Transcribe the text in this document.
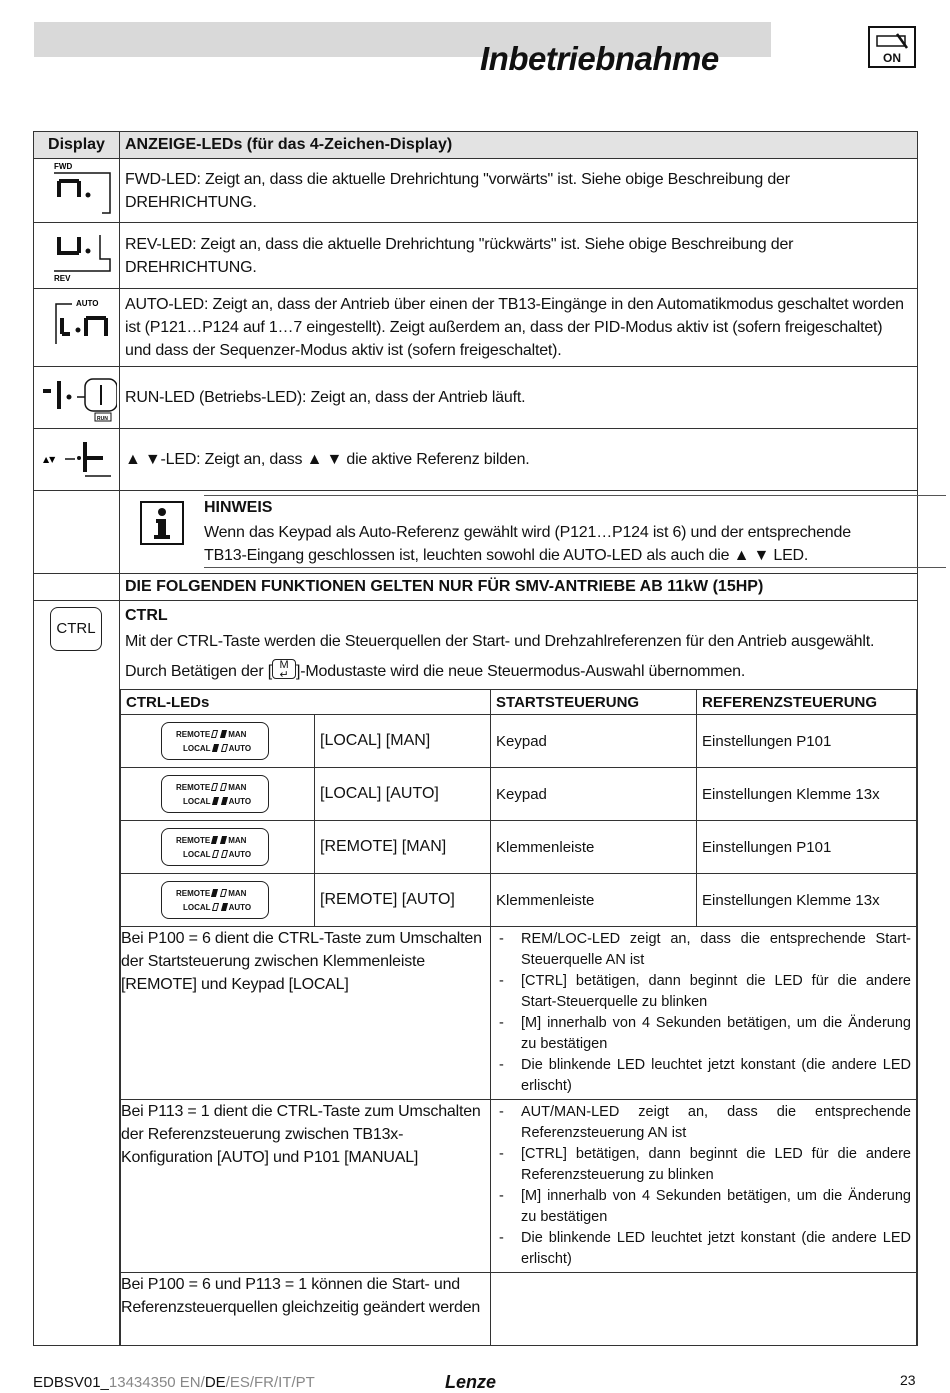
Inbetriebnahme	ON
Display	ANZEIGE-LEDs (für das 4-Zeichen-Display)

FWD
	FWD-LED: Zeigt an, dass die aktuelle Drehrichtung "vorwärts" ist. Siehe obige Beschreibung der DREHRICHTUNG.

REV
	REV-LED: Zeigt an, dass die aktuelle Drehrichtung "rückwärts" ist. Siehe obige Beschreibung der DREHRICHTUNG.

AUTO	AUTO-LED: Zeigt an, dass der Antrieb über einen der TB13-Eingänge in den Automatikmodus geschaltet worden ist (P121…P124 auf 1…7 eingestellt). Zeigt außerdem an, dass der PID-Modus aktiv ist (sofern freigeschaltet) und dass der Sequenzer-Modus aktiv ist (sofern freigeschaltet).

RUN
	RUN-LED (Betriebs-LED): Zeigt an, dass der Antrieb läuft.

▲▼	▲ ▼-LED: Zeigt an, dass ▲ ▼ die aktive Referenz bilden.

HINWEIS
Wenn das Keypad als Auto-Referenz gewählt wird (P121…P124 ist 6) und der entsprechende TB13-Eingang geschlossen ist, leuchten sowohl die AUTO-LED als auch die ▲ ▼ LED.

	DIE FOLGENDEN FUNKTIONEN GELTEN NUR FÜR SMV-ANTRIEBE AB 11kW (15HP)

CTRL

CTRL
Mit der CTRL-Taste werden die Steuerquellen der Start- und Drehzahlreferenzen für den Antrieb ausgewählt.
Durch Betätigen der [ M
↵ ]-Modustaste wird die neue Steuermodus-Auswahl übernommen.
CTRL-LEDs	STARTSTEUERUNG	REFERENZSTEUERUNG

REMOTE MAN
LOCAL AUTO	[LOCAL] [MAN]	Keypad	Einstellungen P101

REMOTE MAN
LOCAL AUTO	[LOCAL] [AUTO]	Keypad	Einstellungen Klemme 13x

REMOTE MAN
LOCAL AUTO	[REMOTE] [MAN]	Klemmenleiste	Einstellungen P101

REMOTE MAN
LOCAL AUTO	[REMOTE] [AUTO]	Klemmenleiste	Einstellungen Klemme 13x
Bei P100 = 6 dient die CTRL-Taste zum Umschalten der Startsteuerung zwischen Klemmenleiste [REMOTE] und Keypad [LOCAL]	
- REM/LOC-LED zeigt an, dass die entsprechende Start-Steuerquelle AN ist
- [CTRL] betätigen, dann beginnt die LED für die andere Start-Steuerquelle zu blinken
- [M] innerhalb von 4 Sekunden betätigen, um die Änderung zu bestätigen
- Die blinkende LED leuchtet jetzt konstant (die andere LED erlischt)

Bei P113 = 1 dient die CTRL-Taste zum Umschalten der Referenzsteuerung zwischen TB13x-Konfiguration [AUTO] und P101 [MANUAL]	
- AUT/MAN-LED zeigt an, dass die entsprechende Referenzsteuerung AN ist
- [CTRL] betätigen, dann beginnt die LED für die andere Referenzsteuerung zu blinken
- [M] innerhalb von 4 Sekunden betätigen, um die Änderung zu bestätigen
- Die blinkende LED leuchtet jetzt konstant (die andere LED erlischt)

Bei P100 = 6 und P113 = 1 können die Start- und Referenzsteuerquellen gleichzeitig geändert werden	
EDBSV01_13434350 EN/DE/ES/FR/IT/PT	Lenze	23
